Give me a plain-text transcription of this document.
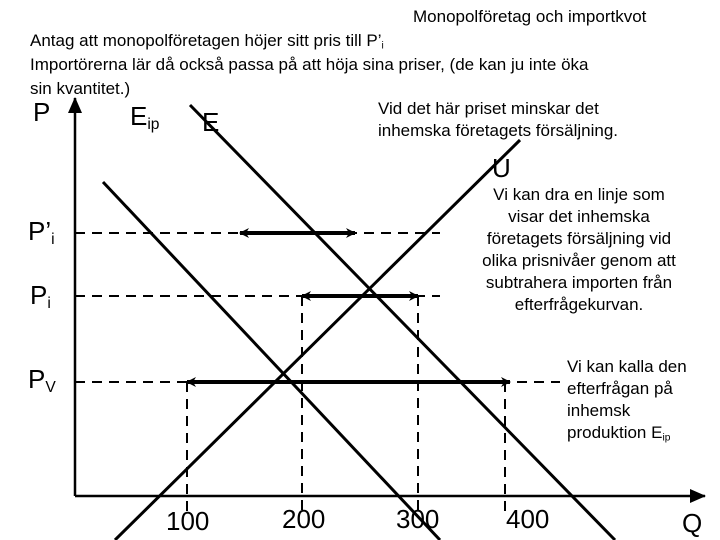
Monopolföretag och importkvot
Antag att monopolföretagen höjer sitt pris till $P’_i$
Importörerna lär då också passa på att höja sina priser, (de kan ju inte öka
sin kvantitet.)
P
Q
$E_{ip}$ E
U
$P’_i$
$P_i$
$P_V$
100	200	300	400
Vid det här priset minskar det
inhemska företagets försäljning.
Vi kan dra en linje som
visar det inhemska
företagets försäljning vid
olika prisnivåer genom att
subtrahera importen från
efterfrågekurvan.
Vi kan kalla den
efterfrågan på
inhemsk
produktion $E_{ip}$
